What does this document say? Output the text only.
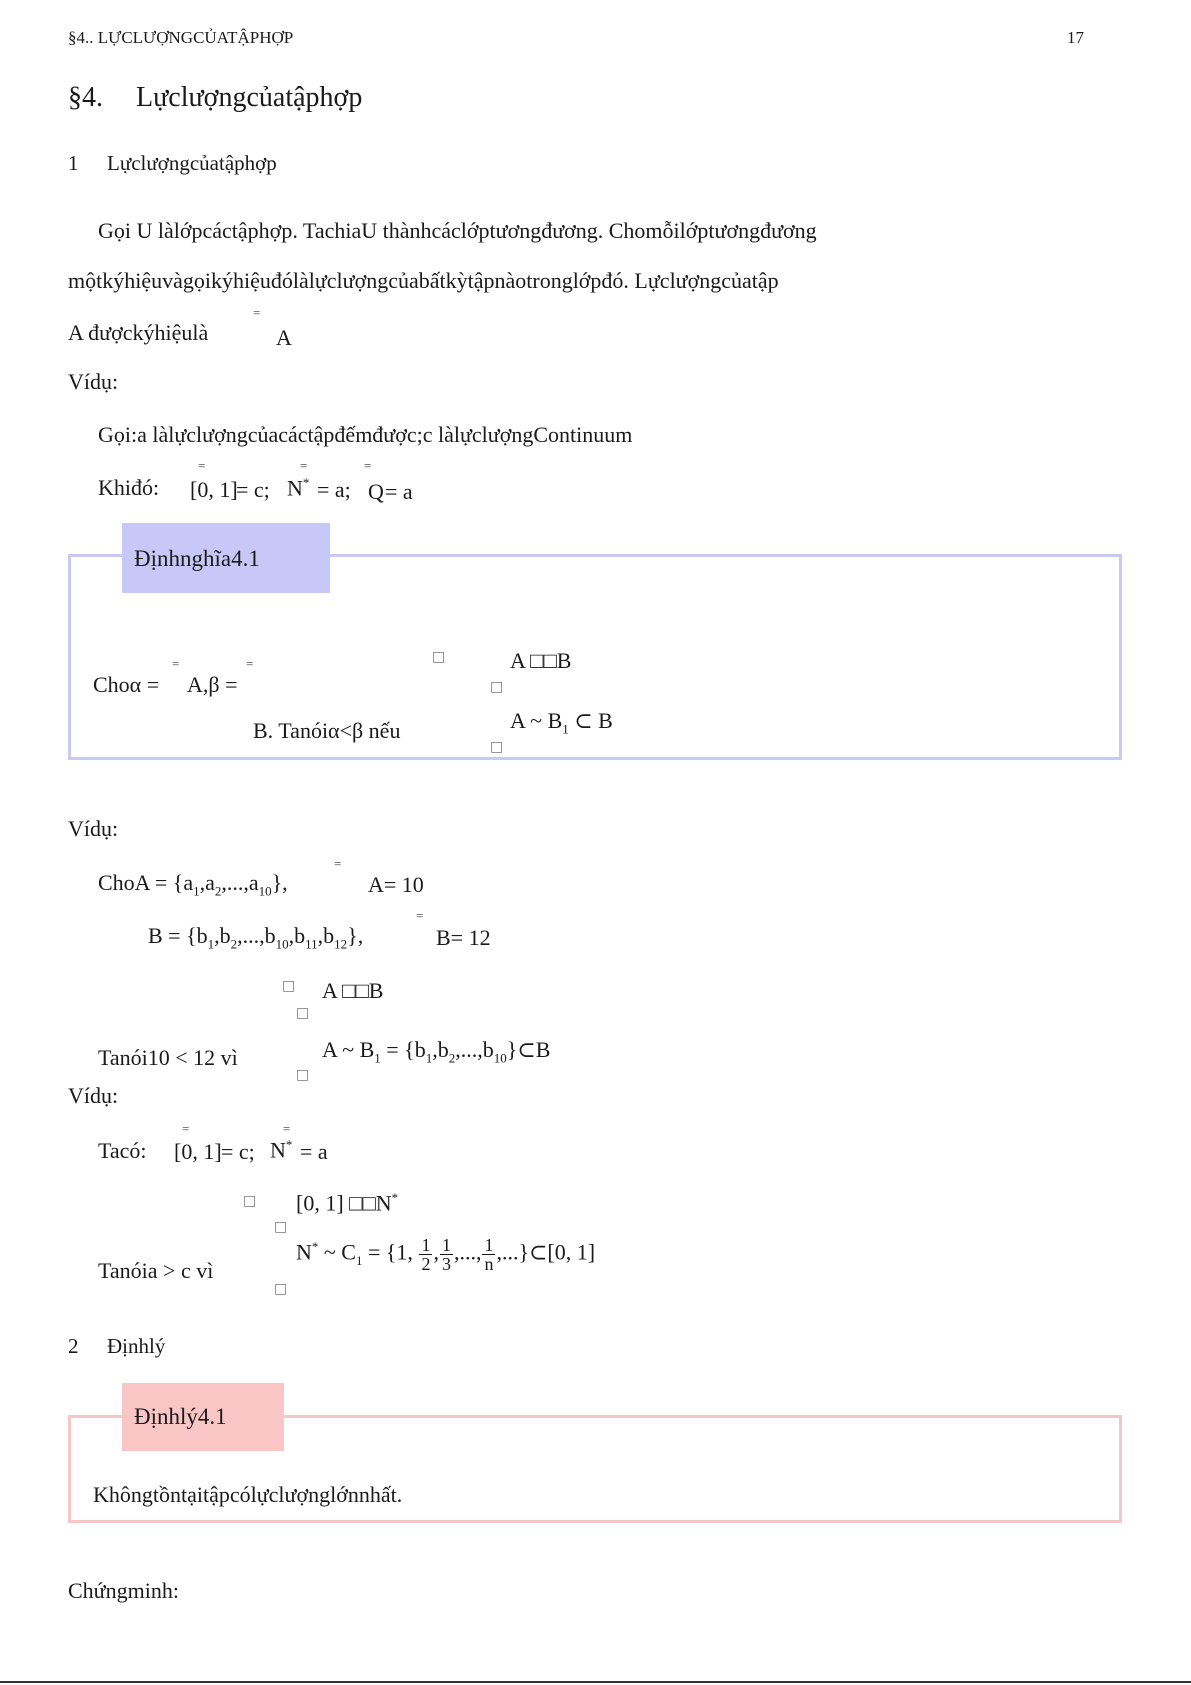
§4.. LỰCLƯỢNGCỦATẬPHỢP	17
§4. Lựclượngcủatậphợp
1 Lựclượngcủatậphợp
Gọi U làlớpcáctậphợp. TachiaU thànhcáclớptươngđương. Chomỗilớptươngđương
mộtkýhiệuvàgọikýhiệuđólàlựclượngcủabấtkỳtậpnàotronglớpđó. Lựclượngcủatập
A đượckýhiệulà
=
A
Vídụ:
Gọi:a làlựclượngcủacáctậpđếmđược;c làlựclượngContinuum
Khiđó:
=
[0, 1]
= c;
=
N* = a;
=
Q = a
Địnhnghĩa4.1
Choα =
=
A,β =
=
B. Tanóiα<β nếu
□
□
□
A □□B
A ~ $B_1$ ⊂ B
Vídụ:
ChoA = $\{a_1,a_2,...,a_{10}\}$,
=
A= 10
$B = \{b_1,b_2,...,b_{10},b_{11},b_{12}\}$,
=
B= 12
□
□
□
A □□B
Tanói10 < 12 vì	A ~ $B_1$ = $\{b_1,b_2,...,b_{10}\}\subset B$
Vídụ:
Tacó:
=
[0, 1] = c;
=
N* = a
□
□
□
[0, 1] □□N*
Tanóia > c vì
N* ~ $C_1 = \{1$, $\frac{1}{2}$ , $\frac{1}{3}$ ,..., $\frac{1}{n}$ ,...}⊂[0, 1]
2 Địnhlý
Địnhlý4.1
Khôngtồntạitậpcólựclượnglớnnhất.
Chứngminh:
